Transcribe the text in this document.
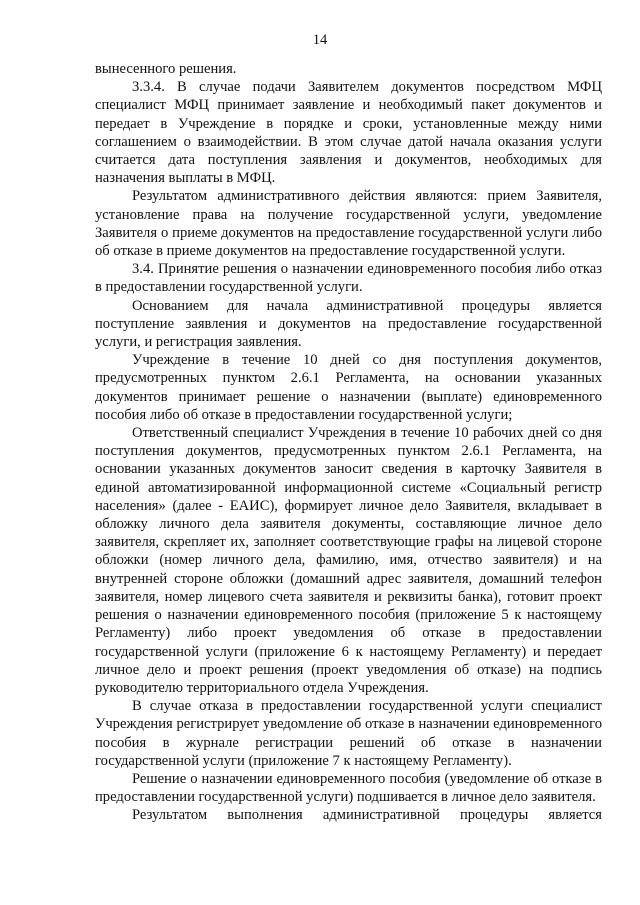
14

вынесенного решения.

3.3.4. В случае подачи Заявителем документов посредством МФЦ специалист МФЦ принимает заявление и необходимый пакет документов и передает в Учреждение в порядке и сроки, установленные между ними соглашением о взаимодействии. В этом случае датой начала оказания услуги считается дата поступления заявления и документов, необходимых для назначения выплаты в МФЦ.

Результатом административного действия являются: прием Заявителя, установление права на получение государственной услуги, уведомление Заявителя о приеме документов на предоставление государственной услуги либо об отказе в приеме документов на предоставление государственной услуги.

3.4. Принятие решения о назначении единовременного пособия либо отказ в предоставлении государственной услуги.

Основанием для начала административной процедуры является поступление заявления и документов на предоставление государственной услуги, и регистрация заявления.

Учреждение в течение 10 дней со дня поступления документов, предусмотренных пунктом 2.6.1 Регламента, на основании указанных документов принимает решение о назначении (выплате) единовременного пособия либо об отказе в предоставлении государственной услуги;

Ответственный специалист Учреждения в течение 10 рабочих дней со дня поступления документов, предусмотренных пунктом 2.6.1 Регламента, на основании указанных документов заносит сведения в карточку Заявителя в единой автоматизированной информационной системе «Социальный регистр населения» (далее - ЕАИС), формирует личное дело Заявителя, вкладывает в обложку личного дела заявителя документы, составляющие личное дело заявителя, скрепляет их, заполняет соответствующие графы на лицевой стороне обложки (номер личного дела, фамилию, имя, отчество заявителя) и на внутренней стороне обложки (домашний адрес заявителя, домашний телефон заявителя, номер лицевого счета заявителя и реквизиты банка), готовит проект решения о назначении единовременного пособия (приложение 5 к настоящему Регламенту) либо проект уведомления об отказе в предоставлении государственной услуги (приложение 6 к настоящему Регламенту) и передает личное дело и проект решения (проект уведомления об отказе) на подпись руководителю территориального отдела Учреждения.

В случае отказа в предоставлении государственной услуги специалист Учреждения регистрирует уведомление об отказе в назначении единовременного пособия в журнале регистрации решений об отказе в назначении государственной услуги (приложение 7 к настоящему Регламенту).

Решение о назначении единовременного пособия (уведомление об отказе в предоставлении государственной услуги) подшивается в личное дело заявителя.

Результатом выполнения административной процедуры является
